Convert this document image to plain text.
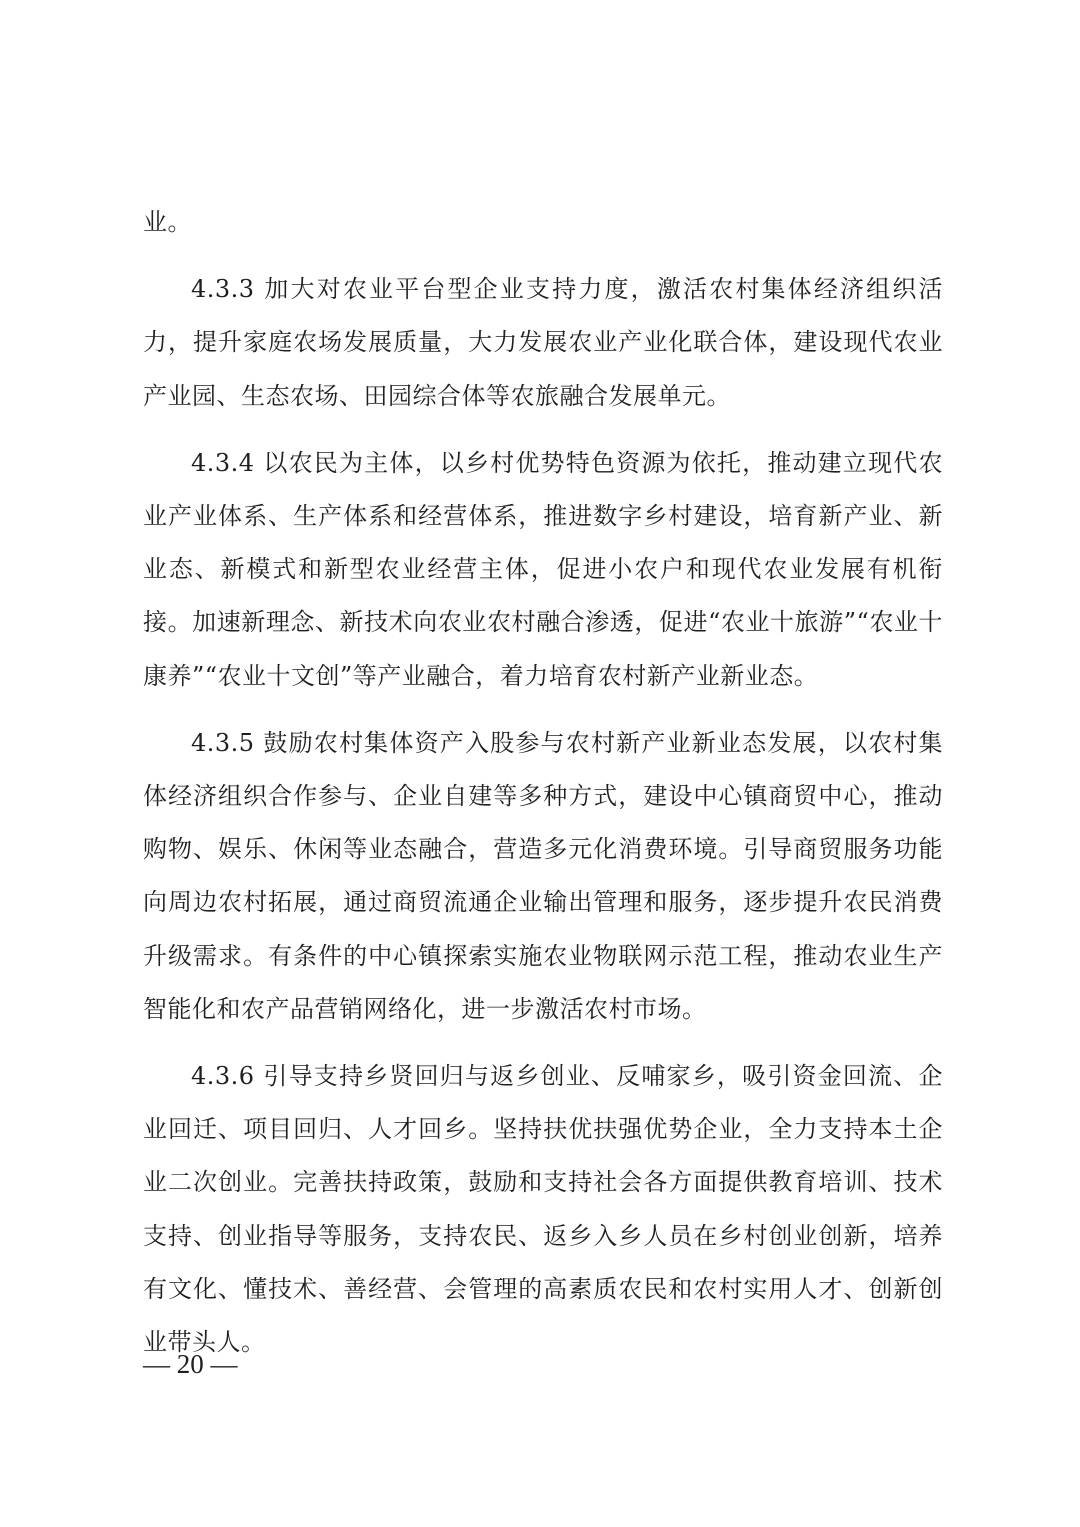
业。

4.3.3 加大对农业平台型企业支持力度，激活农村集体经济组织活力，提升家庭农场发展质量，大力发展农业产业化联合体，建设现代农业产业园、生态农场、田园综合体等农旅融合发展单元。

4.3.4 以农民为主体，以乡村优势特色资源为依托，推动建立现代农业产业体系、生产体系和经营体系，推进数字乡村建设，培育新产业、新业态、新模式和新型农业经营主体，促进小农户和现代农业发展有机衔接。加速新理念、新技术向农业农村融合渗透，促进“农业十旅游”“农业十康养”“农业十文创”等产业融合，着力培育农村新产业新业态。

4.3.5 鼓励农村集体资产入股参与农村新产业新业态发展，以农村集体经济组织合作参与、企业自建等多种方式，建设中心镇商贸中心，推动购物、娱乐、休闲等业态融合，营造多元化消费环境。引导商贸服务功能向周边农村拓展，通过商贸流通企业输出管理和服务，逐步提升农民消费升级需求。有条件的中心镇探索实施农业物联网示范工程，推动农业生产智能化和农产品营销网络化，进一步激活农村市场。

4.3.6 引导支持乡贤回归与返乡创业、反哺家乡，吸引资金回流、企业回迁、项目回归、人才回乡。坚持扶优扶强优势企业，全力支持本土企业二次创业。完善扶持政策，鼓励和支持社会各方面提供教育培训、技术支持、创业指导等服务，支持农民、返乡入乡人员在乡村创业创新，培养有文化、懂技术、善经营、会管理的高素质农民和农村实用人才、创新创业带头人。

— 20 —
